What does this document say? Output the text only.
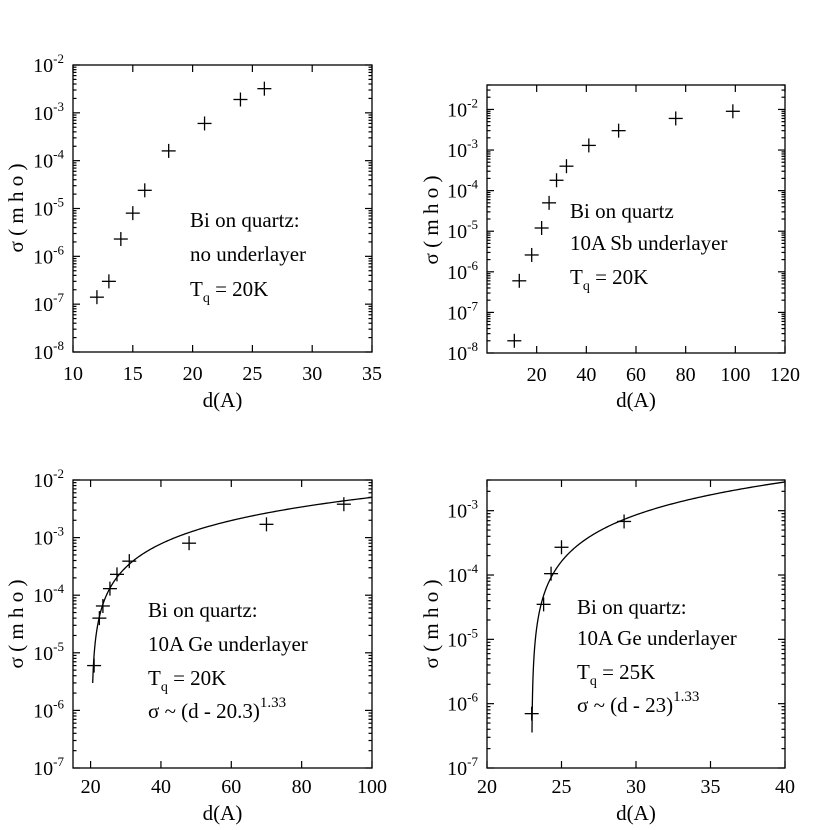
10 15 20 25 30 35
$10^{-8}$
$10^{-7}$
$10^{-6}$
$10^{-5}$
$10^{-4}$
$10^{-3}$
$10^{-2}$
d(A)
σ ( m h o )	Bi on quartz:
no underlayer
$T_q = 20K$
20 40 60 80 100 120
$10^{-8}$
$10^{-7}$
$10^{-6}$
$10^{-5}$
$10^{-4}$
$10^{-3}$
$10^{-2}$
d(A)
σ ( m h o )	Bi on quartz
10A Sb underlayer
$T_q = 20K$
20	40	60	80 100
$10^{-7}$
$10^{-6}$
$10^{-5}$
$10^{-4}$
$10^{-3}$
$10^{-2}$
d(A)
σ ( m h o )	Bi on quartz:
10A Ge underlayer
$T_q = 20K$
σ ~ (d - 20.3)$^{1.33}$
20	25	30	35	40
$10^{-7}$
$10^{-6}$
$10^{-5}$
$10^{-4}$
$10^{-3}$
d(A)
σ ( m h o )	Bi on quartz:
10A Ge underlayer
$T_q = 25K$
σ ~ (d - 23)$^{1.33}$
